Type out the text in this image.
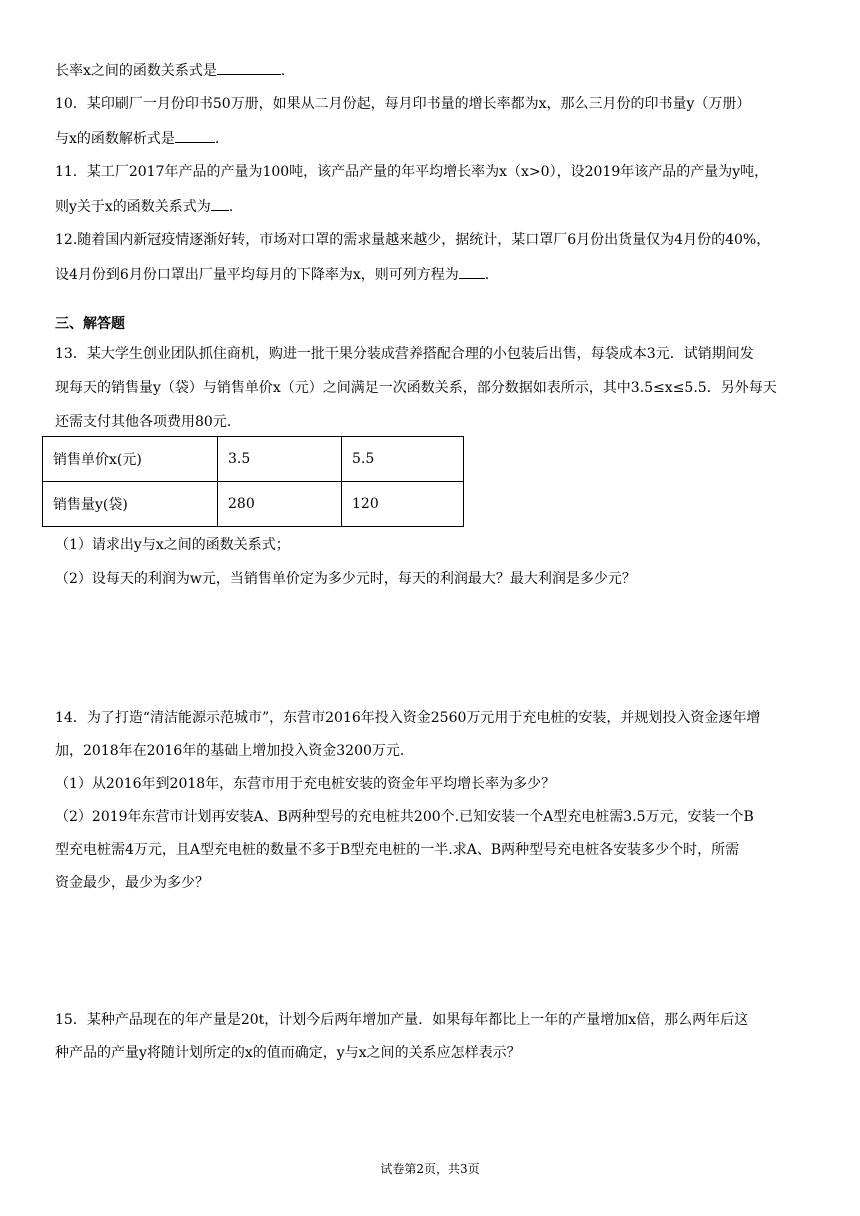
长率x之间的函数关系式是	.
10．某印刷厂一月份印书50万册，如果从二月份起，每月印书量的增长率都为x，那么三月份的印书量y（万册）
与x的函数解析式是	.
11．某工厂2017年产品的产量为100吨，该产品产量的年平均增长率为x（x>0），设2019年该产品的产量为y吨，
则y关于x的函数关系式为 .
12.随着国内新冠疫情逐渐好转，市场对口罩的需求量越来越少，据统计，某口罩厂6月份出货量仅为4月份的40%，
设4月份到6月份口罩出厂量平均每月的下降率为x，则可列方程为 .
三、解答题
13．某大学生创业团队抓住商机，购进一批干果分装成营养搭配合理的小包装后出售，每袋成本3元．试销期间发
现每天的销售量y（袋）与销售单价x（元）之间满足一次函数关系，部分数据如表所示，其中3.5≤x≤5.5．另外每天
还需支付其他各项费用80元．
销售单价x(元)	3.5	5.5
销售量y(袋)	280	120
（1）请求出y与x之间的函数关系式；
（2）设每天的利润为w元，当销售单价定为多少元时，每天的利润最大？最大利润是多少元？
14．为了打造“清洁能源示范城市”，东营市2016年投入资金2560万元用于充电桩的安装，并规划投入资金逐年增
加，2018年在2016年的基础上增加投入资金3200万元.
（1）从2016年到2018年，东营市用于充电桩安装的资金年平均增长率为多少？
（2）2019年东营市计划再安装A、B两种型号的充电桩共200个.已知安装一个A型充电桩需3.5万元，安装一个B
型充电桩需4万元，且A型充电桩的数量不多于B型充电桩的一半.求A、B两种型号充电桩各安装多少个时，所需
资金最少，最少为多少？
15．某种产品现在的年产量是20t，计划今后两年增加产量．如果每年都比上一年的产量增加x倍，那么两年后这
种产品的产量y将随计划所定的x的值而确定，y与x之间的关系应怎样表示？
试卷第2页，共3页
